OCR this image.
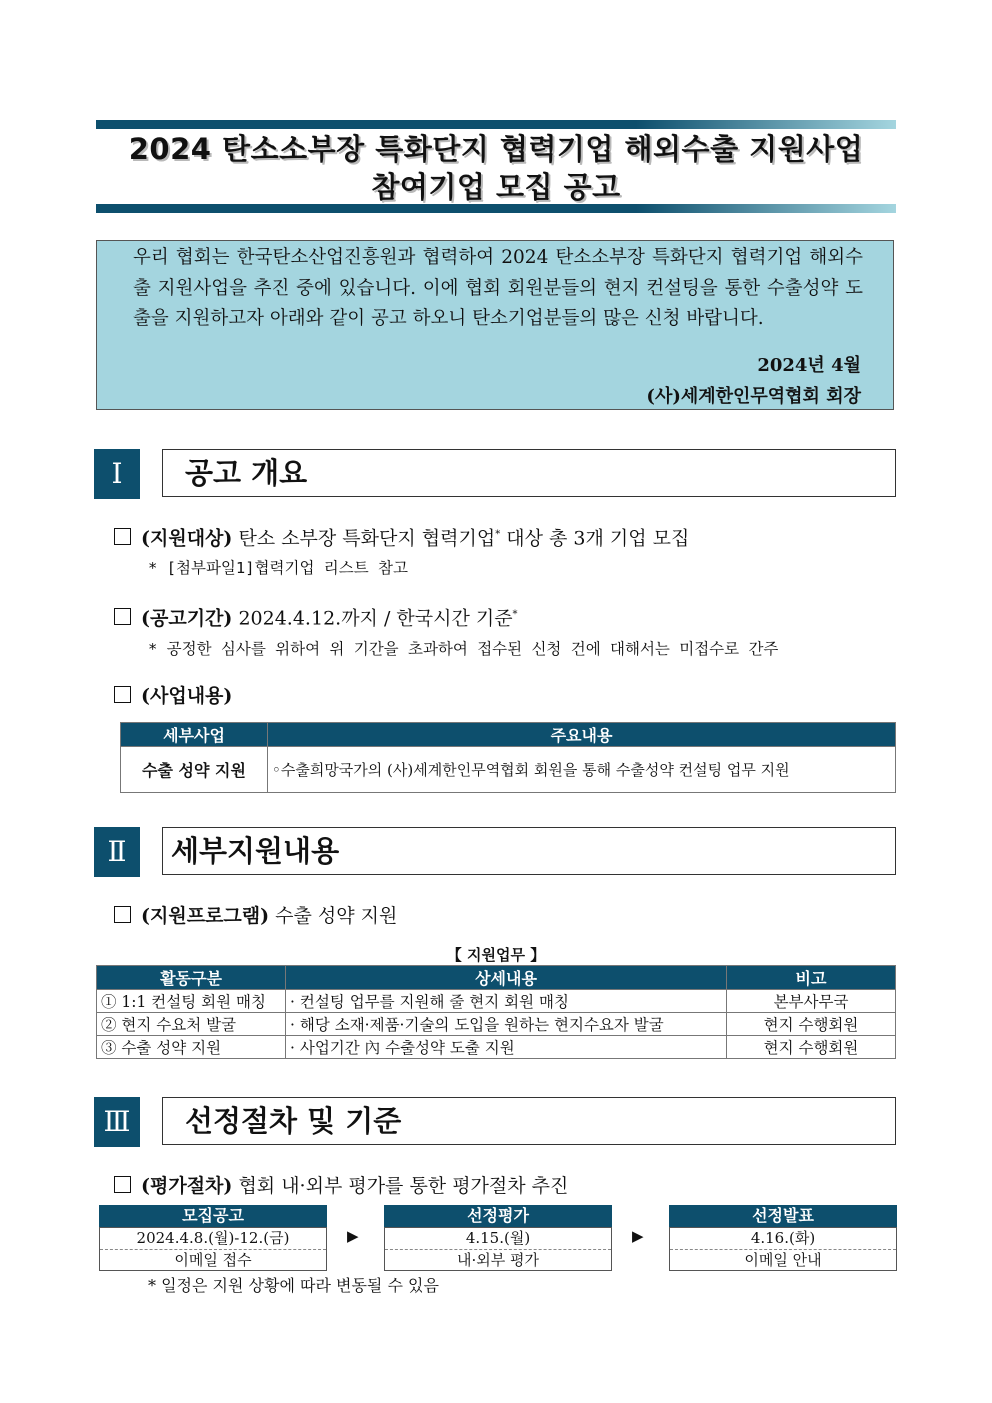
2024 탄소소부장 특화단지 협력기업 해외수출 지원사업
참여기업 모집 공고
우리 협회는 한국탄소산업진흥원과 협력하여 2024 탄소소부장 특화단지 협력기업 해외수출 지원사업을 추진 중에 있습니다. 이에 협회 회원분들의 현지 컨설팅을 통한 수출성약 도출을 지원하고자 아래와 같이 공고 하오니 탄소기업분들의 많은 신청 바랍니다.
2024년 4월
(사)세계한인무역협회 회장
Ⅰ	공고 개요
(지원대상) 탄소 소부장 특화단지 협력기업* 대상 총 3개 기업 모집
* [첨부파일1]협력기업 리스트 참고
(공고기간) 2024.4.12.까지 / 한국시간 기준*
* 공정한 심사를 위하여 위 기간을 초과하여 접수된 신청 건에 대해서는 미접수로 간주
(사업내용)
세부사업	주요내용
수출 성약 지원	◦수출희망국가의 (사)세계한인무역협회 회원을 통해 수출성약 컨설팅 업무 지원
Ⅱ	세부지원내용
(지원프로그램) 수출 성약 지원
【 지원업무 】
활동구분	상세내용	비고
① 1:1 컨설팅 회원 매칭	· 컨설팅 업무를 지원해 줄 현지 회원 매칭	본부사무국
② 현지 수요처 발굴	· 해당 소재·제품·기술의 도입을 원하는 현지수요자 발굴	현지 수행회원
③ 수출 성약 지원	· 사업기간 內 수출성약 도출 지원	현지 수행회원
Ⅲ	선정절차 및 기준
(평가절차) 협회 내·외부 평가를 통한 평가절차 추진
모집공고
2024.4.8.(월)-12.(금)
이메일 접수
▶
선정평가
4.15.(월)
내·외부 평가
▶
선정발표
4.16.(화)
이메일 안내
* 일정은 지원 상황에 따라 변동될 수 있음
